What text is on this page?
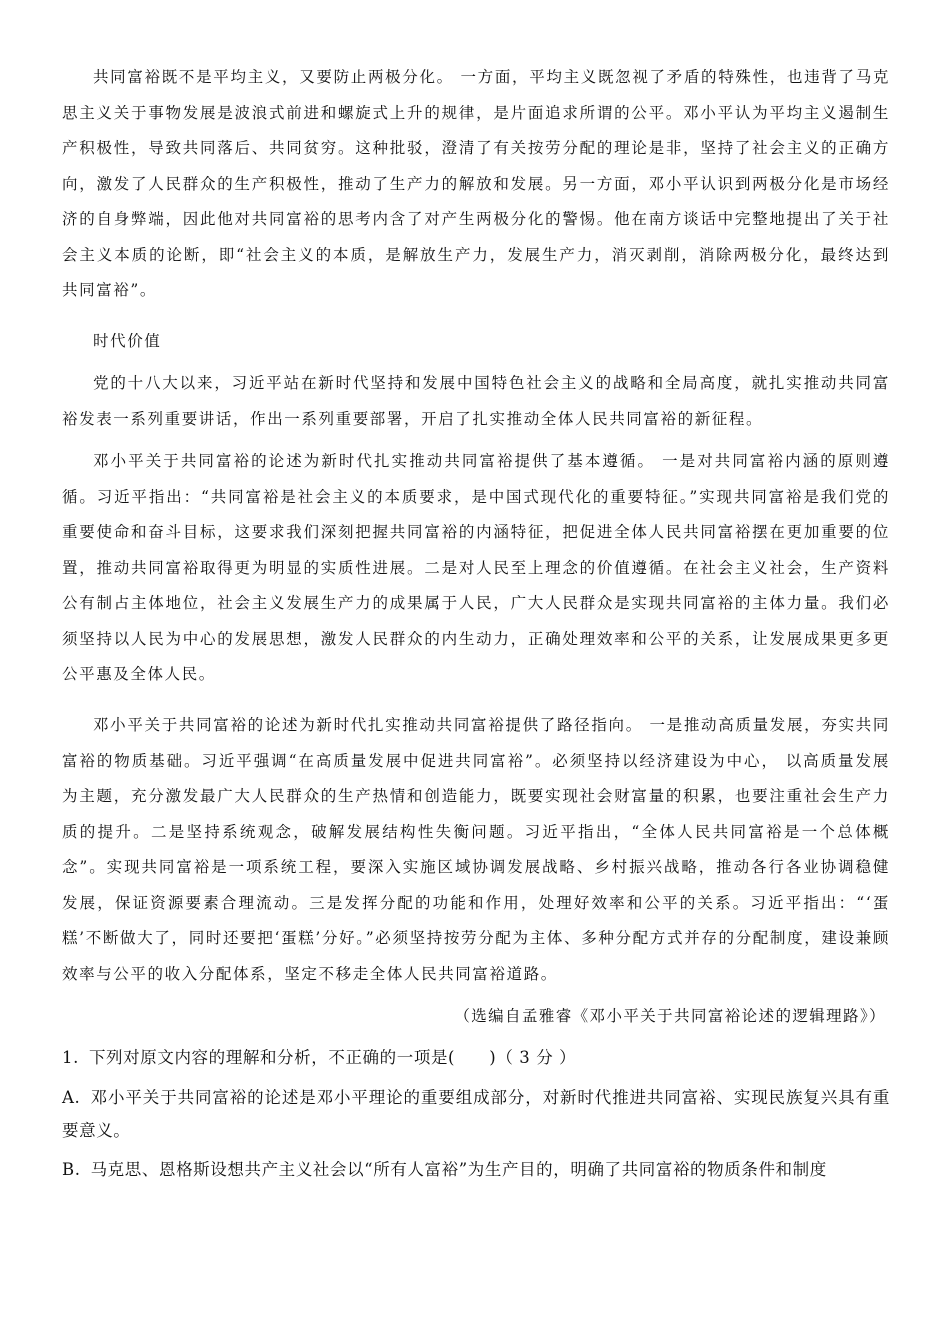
共同富裕既不是平均主义，又要防止两极分化。 一方面，平均主义既忽视了矛盾的特殊性，也违背了马克思主义关于事物发展是波浪式前进和螺旋式上升的规律，是片面追求所谓的公平。邓小平认为平均主义遏制生产积极性，导致共同落后、共同贫穷。这种批驳，澄清了有关按劳分配的理论是非，坚持了社会主义的正确方向，激发了人民群众的生产积极性，推动了生产力的解放和发展。另一方面，邓小平认识到两极分化是市场经济的自身弊端，因此他对共同富裕的思考内含了对产生两极分化的警惕。他在南方谈话中完整地提出了关于社会主义本质的论断，即“社会主义的本质，是解放生产力，发展生产力，消灭剥削，消除两极分化，最终达到共同富裕”。

时代价值

党的十八大以来，习近平站在新时代坚持和发展中国特色社会主义的战略和全局高度，就扎实推动共同富裕发表一系列重要讲话，作出一系列重要部署，开启了扎实推动全体人民共同富裕的新征程。

邓小平关于共同富裕的论述为新时代扎实推动共同富裕提供了基本遵循。 一是对共同富裕内涵的原则遵循。习近平指出：“共同富裕是社会主义的本质要求，是中国式现代化的重要特征。”实现共同富裕是我们党的重要使命和奋斗目标，这要求我们深刻把握共同富裕的内涵特征，把促进全体人民共同富裕摆在更加重要的位置，推动共同富裕取得更为明显的实质性进展。二是对人民至上理念的价值遵循。在社会主义社会，生产资料公有制占主体地位，社会主义发展生产力的成果属于人民，广大人民群众是实现共同富裕的主体力量。我们必须坚持以人民为中心的发展思想，激发人民群众的内生动力，正确处理效率和公平的关系，让发展成果更多更公平惠及全体人民。

邓小平关于共同富裕的论述为新时代扎实推动共同富裕提供了路径指向。 一是推动高质量发展，夯实共同富裕的物质基础。习近平强调“在高质量发展中促进共同富裕”。必须坚持以经济建设为中心， 以高质量发展为主题，充分激发最广大人民群众的生产热情和创造能力，既要实现社会财富量的积累，也要注重社会生产力质的提升。二是坚持系统观念，破解发展结构性失衡问题。习近平指出，“全体人民共同富裕是一个总体概念”。实现共同富裕是一项系统工程，要深入实施区域协调发展战略、乡村振兴战略，推动各行各业协调稳健发展，保证资源要素合理流动。三是发挥分配的功能和作用，处理好效率和公平的关系。习近平指出：“‘蛋糕’不断做大了，同时还要把‘蛋糕’分好。”必须坚持按劳分配为主体、多种分配方式并存的分配制度，建设兼顾效率与公平的收入分配体系，坚定不移走全体人民共同富裕道路。

（选编自孟雅睿《邓小平关于共同富裕论述的逻辑理路》）

1. 下列对原文内容的理解和分析，不正确的一项是(　　)（ 3 分 ）

A. 邓小平关于共同富裕的论述是邓小平理论的重要组成部分，对新时代推进共同富裕、实现民族复兴具有重要意义。

B. 马克思、恩格斯设想共产主义社会以“所有人富裕”为生产目的，明确了共同富裕的物质条件和制度
